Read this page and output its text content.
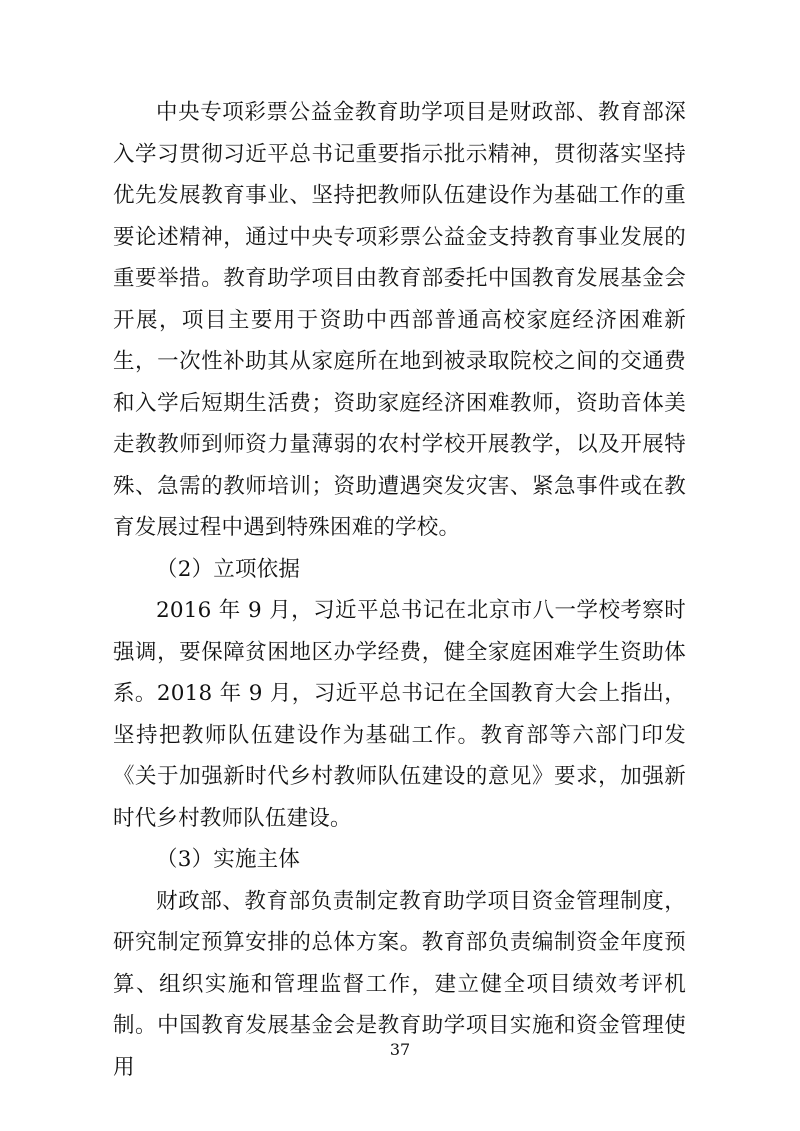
中央专项彩票公益金教育助学项目是财政部、教育部深入学习贯彻习近平总书记重要指示批示精神，贯彻落实坚持优先发展教育事业、坚持把教师队伍建设作为基础工作的重要论述精神，通过中央专项彩票公益金支持教育事业发展的重要举措。教育助学项目由教育部委托中国教育发展基金会开展，项目主要用于资助中西部普通高校家庭经济困难新生，一次性补助其从家庭所在地到被录取院校之间的交通费和入学后短期生活费；资助家庭经济困难教师，资助音体美走教教师到师资力量薄弱的农村学校开展教学，以及开展特殊、急需的教师培训；资助遭遇突发灾害、紧急事件或在教育发展过程中遇到特殊困难的学校。

（2）立项依据

2016 年 9 月，习近平总书记在北京市八一学校考察时强调，要保障贫困地区办学经费，健全家庭困难学生资助体系。2018 年 9 月，习近平总书记在全国教育大会上指出，坚持把教师队伍建设作为基础工作。教育部等六部门印发《关于加强新时代乡村教师队伍建设的意见》要求，加强新时代乡村教师队伍建设。

（3）实施主体

财政部、教育部负责制定教育助学项目资金管理制度，研究制定预算安排的总体方案。教育部负责编制资金年度预算、组织实施和管理监督工作，建立健全项目绩效考评机制。中国教育发展基金会是教育助学项目实施和资金管理使用

37
